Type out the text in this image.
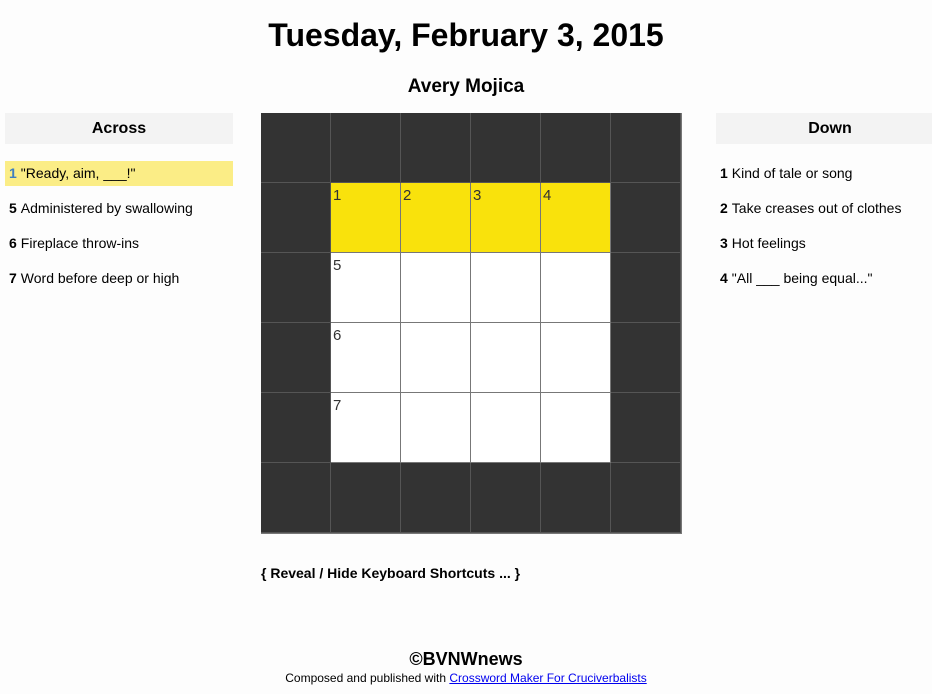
Tuesday, February 3, 2015
Avery Mojica
Across
1 "Ready, aim, ___!"
5 Administered by swallowing
6 Fireplace throw-ins
7 Word before deep or high
1	2	3	4
5
6
7
Down
1 Kind of tale or song
2 Take creases out of clothes
3 Hot feelings
4 "All ___ being equal..."
{ Reveal / Hide Keyboard Shortcuts ... }
©BVNWnews
Composed and published with Crossword Maker For Cruciverbalists
